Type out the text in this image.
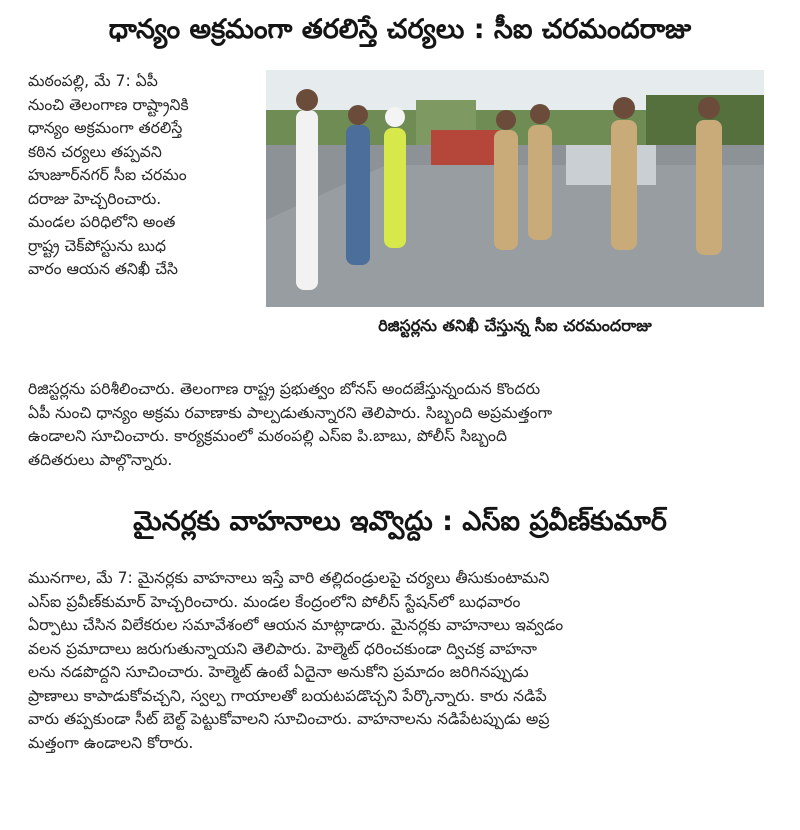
ధాన్యం అక్రమంగా తరలిస్తే చర్యలు : సీఐ చరమందరాజు
మఠంపల్లి, మే 7: ఏపీ
నుంచి తెలంగాణ రాష్ట్రానికి
ధాన్యం అక్రమంగా తరలిస్తే
కఠిన చర్యలు తప్పవని
హుజూర్‌నగర్ సీఐ చరమం
దరాజు హెచ్చరించారు.
మండల పరిధిలోని అంత
ర్రాష్ట్ర చెక్‌పోస్టును బుధ
వారం ఆయన తనిఖీ చేసి
రిజిస్టర్లను తనిఖీ చేస్తున్న సీఐ చరమందరాజు
రిజిస్టర్లను పరిశీలించారు. తెలంగాణ రాష్ట్ర ప్రభుత్వం బోనస్ అందజేస్తున్నందున కొందరు
ఏపీ నుంచి ధాన్యం అక్రమ రవాణాకు పాల్పడుతున్నారని తెలిపారు. సిబ్బంది అప్రమత్తంగా
ఉండాలని సూచించారు. కార్యక్రమంలో మఠంపల్లి ఎస్ఐ పి.బాబు, పోలీస్ సిబ్బంది
తదితరులు పాల్గొన్నారు.
మైనర్లకు వాహనాలు ఇవ్వొద్దు : ఎస్ఐ ప్రవీణ్‌కుమార్
మునగాల, మే 7: మైనర్లకు వాహనాలు ఇస్తే వారి తల్లిదండ్రులపై చర్యలు తీసుకుంటామని
ఎస్ఐ ప్రవీణ్‌కుమార్ హెచ్చరించారు. మండల కేంద్రంలోని పోలీస్ స్టేషన్‌లో బుధవారం
ఏర్పాటు చేసిన విలేకరుల సమావేశంలో ఆయన మాట్లాడారు. మైనర్లకు వాహనాలు ఇవ్వడం
వలన ప్రమాదాలు జరుగుతున్నాయని తెలిపారు. హెల్మెట్ ధరించకుండా ద్విచక్ర వాహనా
లను నడపొద్దని సూచించారు. హెల్మెట్ ఉంటే ఏదైనా అనుకోని ప్రమాదం జరిగినప్పుడు
ప్రాణాలు కాపాడుకోవచ్చని, స్వల్ప గాయాలతో బయటపడొచ్చని పేర్కొన్నారు. కారు నడిపే
వారు తప్పకుండా సీట్ బెల్ట్ పెట్టుకోవాలని సూచించారు. వాహనాలను నడిపేటప్పుడు అప్ర
మత్తంగా ఉండాలని కోరారు.
